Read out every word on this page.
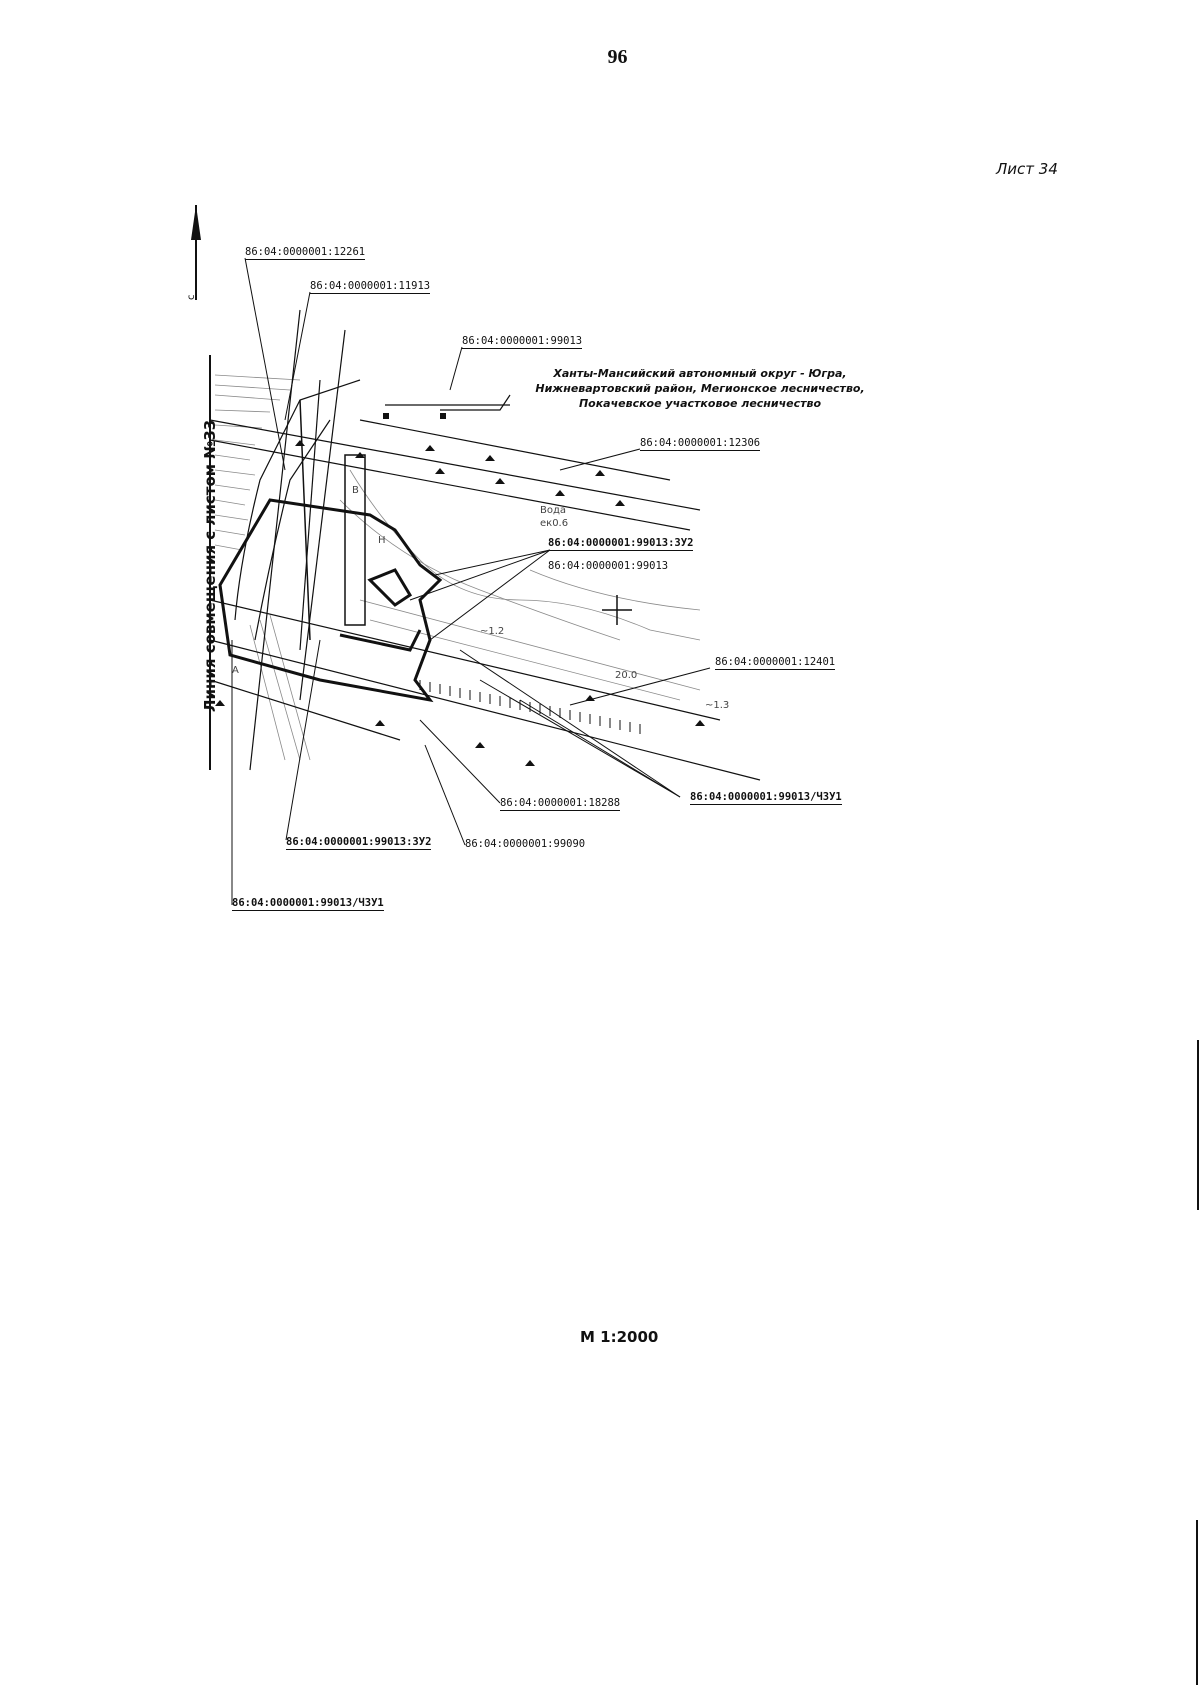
96
Лист 34
с
Линия совмещения с листом №33
Ханты-Мансийский автономный округ - Югра,
Нижневартовский район, Мегионское лесничество,
Покачевское участковое лесничество
86:04:0000001:12261
86:04:0000001:11913
86:04:0000001:99013
86:04:0000001:12306
86:04:0000001:99013:ЗУ2
86:04:0000001:99013
86:04:0000001:12401
86:04:0000001:18288	86:04:0000001:99013/ЧЗУ1
86:04:0000001:99013:ЗУ2	86:04:0000001:99090
86:04:0000001:99013/ЧЗУ1
Вода
ек0.6
~1.2
~1.3
20.0
Н
В
А
М 1:2000
